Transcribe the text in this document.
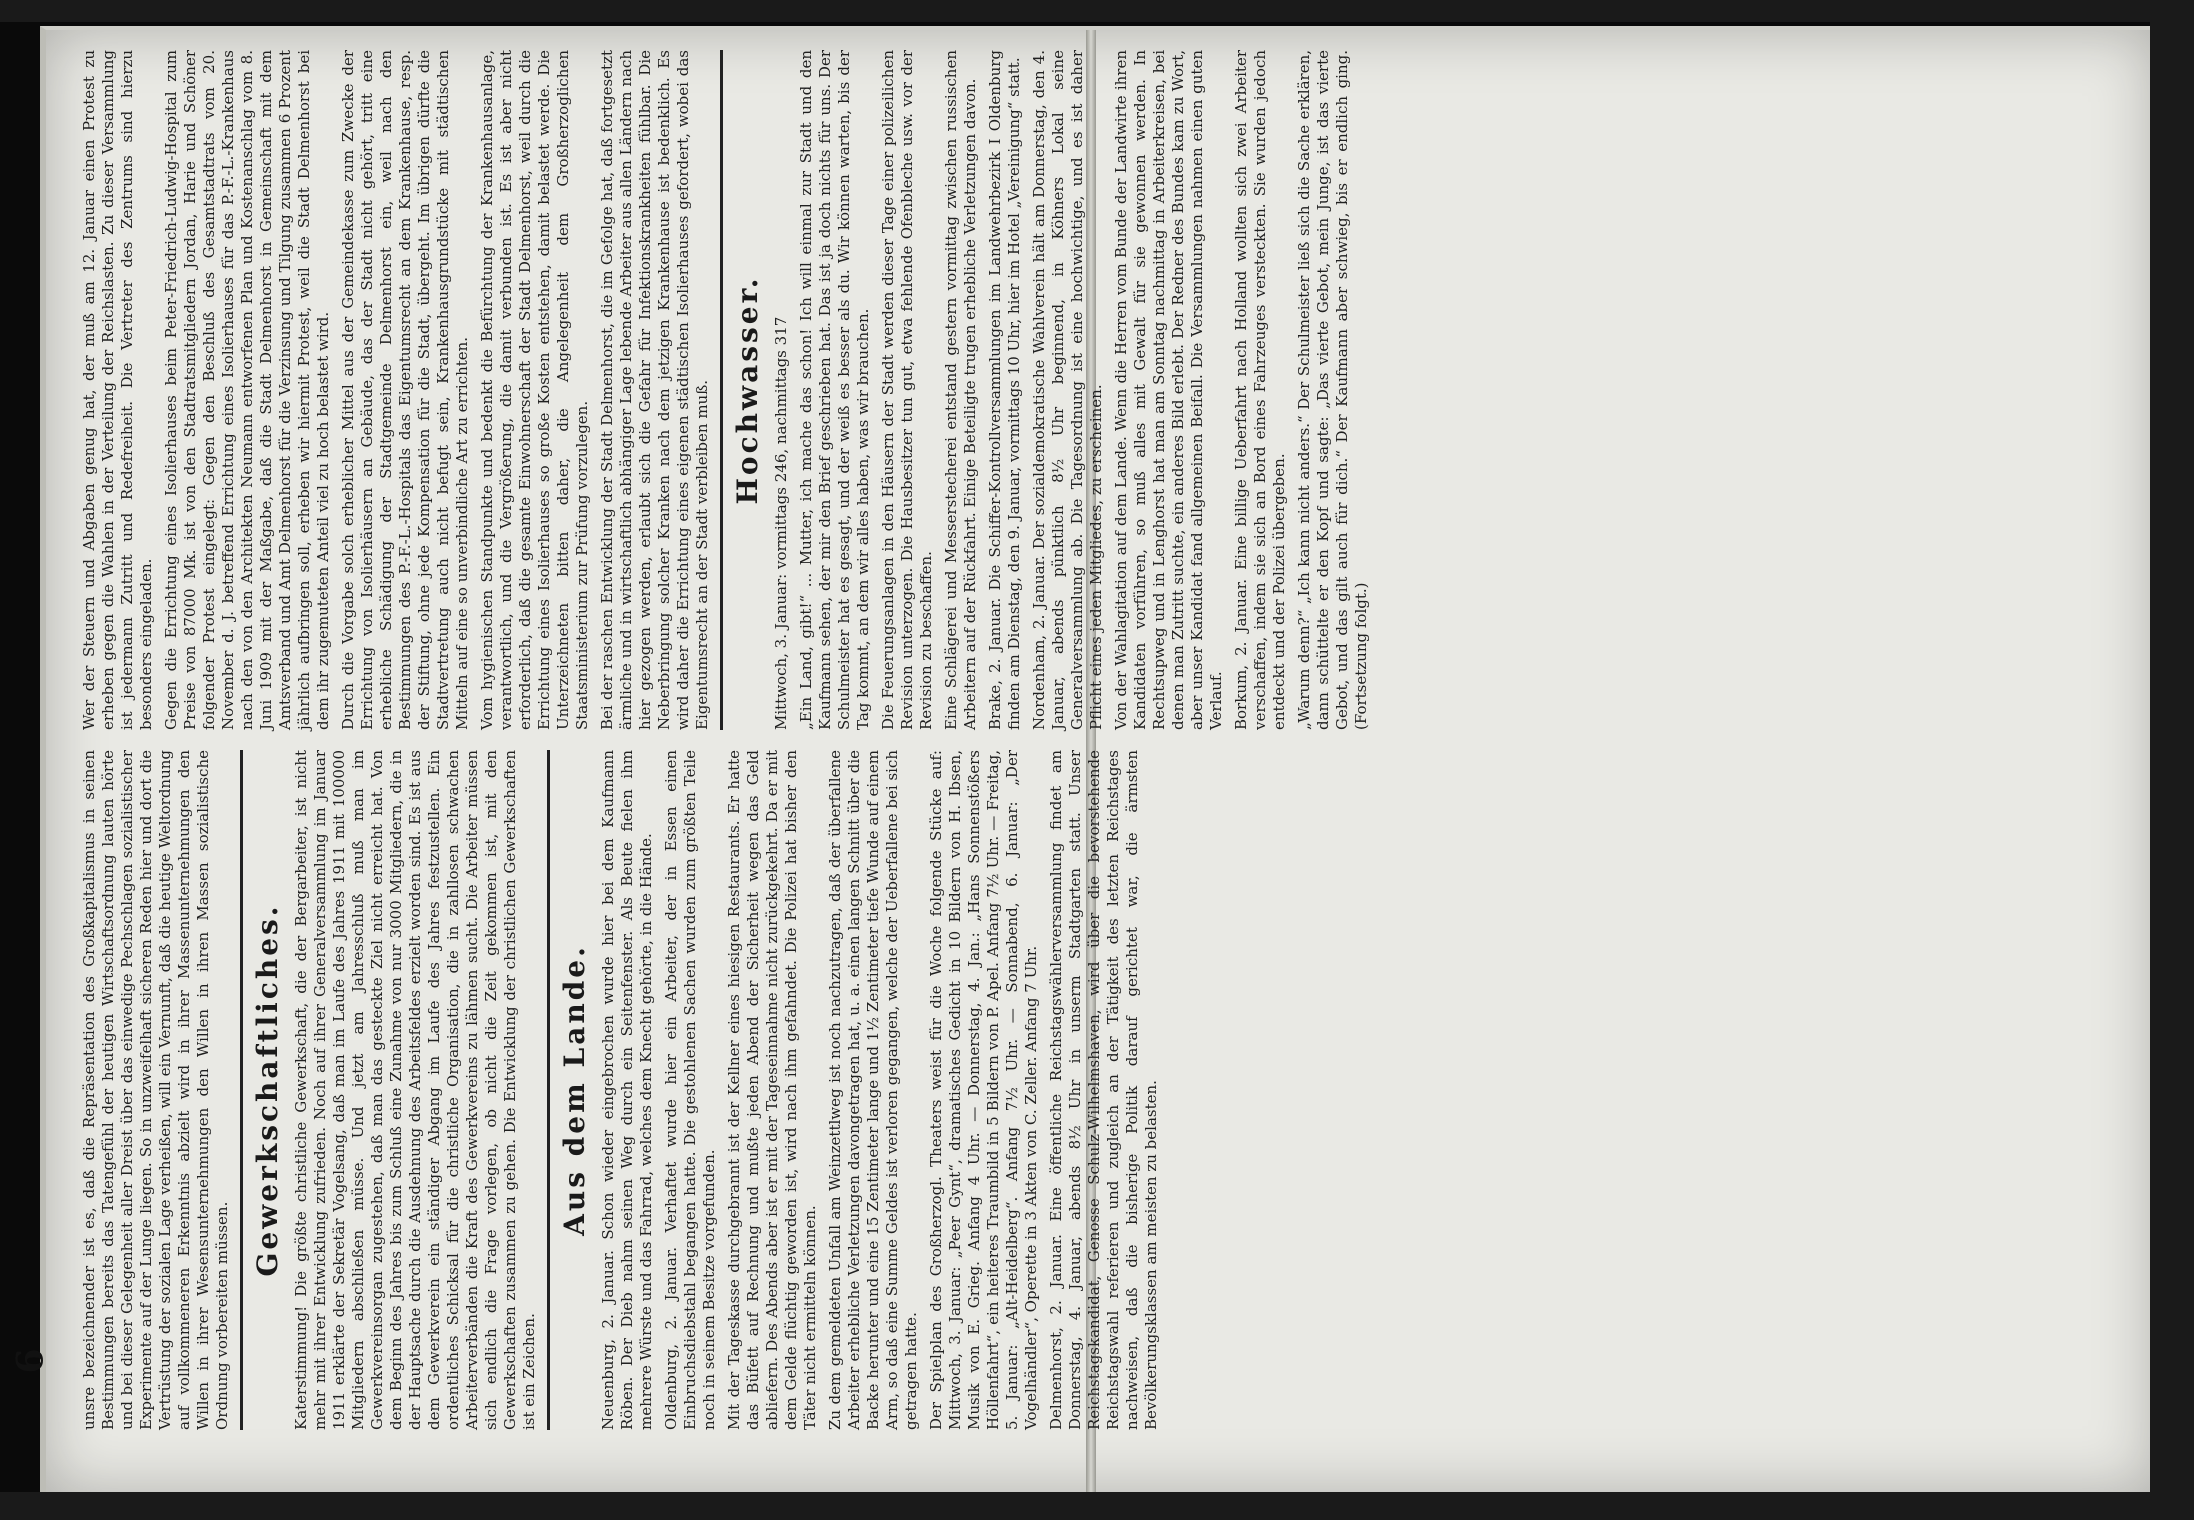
6 unsre bezeichnender ist es, daß die Repräsentation des Großkapitalismus in seinen Bestimmungen bereits das Tatengefühl der heutigen Wirtschaftsordnung lauten hörte und bei dieser Gelegenheit aller Dreist über das einwedige Pechschlagen sozialistischer Experimente auf der Lunge liegen. So in unzweifelhaft sicheren Reden hier und dort die Vertrüstung der sozialen Lage verheißen, will ein Vernunft, daß die heutige Weltordnung auf vollkommeneren Erkenntnis abzielt wird in ihrer Massenunternehmungen den Willen in ihrer Wesensunternehmungen den Willen in ihren Massen sozialistische Ordnung vorbereiten müssen.

Gewerkschaftliches. Katerstimmung! Die größte christliche Gewerkschaft, die der Bergarbeiter, ist nicht mehr mit ihrer Entwicklung zufrieden. Noch auf ihrer Generalversammlung im Januar 1911 erklärte der Sekretär Vogelsang, daß man im Laufe des Jahres 1911 mit 100000 Mitgliedern abschließen müsse. Und jetzt am Jahresschluß muß man im Gewerkvereinsorgan zugestehen, daß man das gesteckte Ziel nicht erreicht hat. Von dem Beginn des Jahres bis zum Schluß eine Zunahme von nur 3000 Mitgliedern, die in der Hauptsache durch die Ausdehnung des Arbeitsfeldes erzielt worden sind. Es ist aus dem Gewerkverein ein ständiger Abgang im Laufe des Jahres festzustellen. Ein ordentliches Schicksal für die christliche Organisation, die in zahllosen schwachen Arbeiterverbänden die Kraft des Gewerkvereins zu lähmen sucht. Die Arbeiter müssen sich endlich die Frage vorlegen, ob nicht die Zeit gekommen ist, mit den Gewerkschaften zusammen zu gehen. Die Entwicklung der christlichen Gewerkschaften ist ein Zeichen.

Aus dem Lande. Neuenburg, 2. Januar. Schon wieder eingebrochen wurde hier bei dem Kaufmann Röben. Der Dieb nahm seinen Weg durch ein Seitenfenster. Als Beute fielen ihm mehrere Würste und das Fahrrad, welches dem Knecht gehörte, in die Hände. Oldenburg, 2. Januar. Verhaftet wurde hier ein Arbeiter, der in Essen einen Einbruchsdiebstahl begangen hatte. Die gestohlenen Sachen wurden zum größten Teile noch in seinem Besitze vorgefunden. Mit der Tageskasse durchgebrannt ist der Kellner eines hiesigen Restaurants. Er hatte das Büfett auf Rechnung und mußte jeden Abend der Sicherheit wegen das Geld abliefern. Des Abends aber ist er mit der Tageseinnahme nicht zurückgekehrt. Da er mit dem Gelde flüchtig geworden ist, wird nach ihm gefahndet. Die Polizei hat bisher den Täter nicht ermitteln können. Zu dem gemeldeten Unfall am Weinzettlweg ist noch nachzutragen, daß der überfallene Arbeiter erhebliche Verletzungen davongetragen hat, u. a. einen langen Schnitt über die Backe herunter und eine 15 Zentimeter lange und 1½ Zentimeter tiefe Wunde auf einem Arm, so daß eine Summe Geldes ist verloren gegangen, welche der Ueberfallene bei sich getragen hatte. Der Spielplan des Großherzogl. Theaters weist für die Woche folgende Stücke auf: Mittwoch, 3. Januar: „Peer Gynt“, dramatisches Gedicht in 10 Bildern von H. Ibsen, Musik von E. Grieg. Anfang 4 Uhr. — Donnerstag, 4. Jan.: „Hans Sonnenstößers Höllenfahrt“, ein heiteres Traumbild in 5 Bildern von P. Apel. Anfang 7½ Uhr. — Freitag, 5. Januar: „Alt-Heidelberg“. Anfang 7½ Uhr. — Sonnabend, 6. Januar: „Der Vogelhändler“, Operette in 3 Akten von C. Zeller. Anfang 7 Uhr. Delmenhorst, 2. Januar. Eine öffentliche Reichstagswählerversammlung findet am Donnerstag, 4. Januar, abends 8½ Uhr in unserm Stadtgarten statt. Unser Reichstagskandidat, Genosse Schulz-Wilhelmshaven, wird über die bevorstehende Reichstagswahl referieren und zugleich an der Tätigkeit des letzten Reichstages nachweisen, daß die bisherige Politik darauf gerichtet war, die ärmsten Bevölkerungsklassen am meisten zu belasten.

Wer der Steuern und Abgaben genug hat, der muß am 12. Januar einen Protest zu erheben gegen die Wahlen in der Verteilung der Reichslasten. Zu dieser Versammlung ist jedermann Zutritt und Redefreiheit. Die Vertreter des Zentrums sind hierzu besonders eingeladen. Gegen die Errichtung eines Isolierhauses beim Peter-Friedrich-Ludwig-Hospital zum Preise von 87000 Mk. ist von den Stadtratsmitgliedern Jordan, Harie und Schöner folgender Protest eingelegt: Gegen den Beschluß des Gesamtstadtrats vom 20. November d. J. betreffend Errichtung eines Isolierhauses für das P.-F.-L.-Krankenhaus nach den von den Architekten Neumann entworfenen Plan und Kostenanschlag vom 8. Juni 1909 mit der Maßgabe, daß die Stadt Delmenhorst in Gemeinschaft mit dem Amtsverband und Amt Delmenhorst für die Verzinsung und Tilgung zusammen 6 Prozent jährlich aufbringen soll, erheben wir hiermit Protest, weil die Stadt Delmenhorst bei dem ihr zugemuteten Anteil viel zu hoch belastet wird. Durch die Vorgabe solch erheblicher Mittel aus der Gemeindekasse zum Zwecke der Errichtung von Isolierhäusern an Gebäude, das der Stadt nicht gehört, tritt eine erhebliche Schädigung der Stadtgemeinde Delmenhorst ein, weil nach den Bestimmungen des P.-F.-L.-Hospitals das Eigentumsrecht an dem Krankenhause, resp. der Stiftung, ohne jede Kompensation für die Stadt, übergeht. Im übrigen dürfte die Stadtvertretung auch nicht befugt sein, Krankenhausgrundstücke mit städtischen Mitteln auf eine so unverbindliche Art zu errichten. Vom hygienischen Standpunkte und bedenkt die Befürchtung der Krankenhausanlage, verantwortlich, und die Vergrößerung, die damit verbunden ist. Es ist aber nicht erforderlich, daß die gesamte Einwohnerschaft der Stadt Delmenhorst, weil durch die Errichtung eines Isolierhauses so große Kosten entstehen, damit belastet werde. Die Unterzeichneten bitten daher, die Angelegenheit dem Großherzoglichen Staatsministerium zur Prüfung vorzulegen. Bei der raschen Entwicklung der Stadt Delmenhorst, die im Gefolge hat, daß fortgesetzt ärmliche und in wirtschaftlich abhängiger Lage lebende Arbeiter aus allen Ländern nach hier gezogen werden, erlaubt sich die Gefahr für Infektionskrankheiten fühlbar. Die Neberbringung solcher Kranken nach dem jetzigen Krankenhause ist bedenklich. Es wird daher die Errichtung eines eigenen städtischen Isolierhauses gefordert, wobei das Eigentumsrecht an der Stadt verbleiben muß. Hochwasser. Mittwoch, 3. Januar: vormittags 246, nachmittags 317 „Ein Land, gibt!“ ... Mutter, ich mache das schon! Ich will einmal zur Stadt und den Kaufmann sehen, der mir den Brief geschrieben hat. Das ist ja doch nichts für uns. Der Schulmeister hat es gesagt, und der weiß es besser als du. Wir können warten, bis der Tag kommt, an dem wir alles haben, was wir brauchen. Die Feuerungsanlagen in den Häusern der Stadt werden dieser Tage einer polizeilichen Revision unterzogen. Die Hausbesitzer tun gut, etwa fehlende Ofenbleche usw. vor der Revision zu beschaffen. Eine Schlägerei und Messerstecherei entstand gestern vormittag zwischen russischen Arbeitern auf der Rückfahrt. Einige Beteiligte trugen erhebliche Verletzungen davon. Brake, 2. Januar. Die Schiffer-Kontrollversammlungen im Landwehrbezirk I Oldenburg finden am Dienstag, den 9. Januar, vormittags 10 Uhr, hier im Hotel „Vereinigung“ statt. Nordenham, 2. Januar. Der sozialdemokratische Wahlverein hält am Donnerstag, den 4. Januar, abends pünktlich 8½ Uhr beginnend, in Köhners Lokal seine Generalversammlung ab. Die Tagesordnung ist eine hochwichtige, und es ist daher Pflicht eines jeden Mitgliedes, zu erscheinen. Von der Wahlagitation auf dem Lande. Wenn die Herren vom Bunde der Landwirte ihren Kandidaten vorführen, so muß alles mit Gewalt für sie gewonnen werden. In Rechtsupweg und in Lenghorst hat man am Sonntag nachmittag in Arbeiterkreisen, bei denen man Zutritt suchte, ein anderes Bild erlebt. Der Redner des Bundes kam zu Wort, aber unser Kandidat fand allgemeinen Beifall. Die Versammlungen nahmen einen guten Verlauf. Borkum, 2. Januar. Eine billige Ueberfahrt nach Holland wollten sich zwei Arbeiter verschaffen, indem sie sich an Bord eines Fahrzeuges versteckten. Sie wurden jedoch entdeckt und der Polizei übergeben. „Warum denn?“ „Ich kann nicht anders.“ Der Schulmeister ließ sich die Sache erklären, dann schüttelte er den Kopf und sagte: „Das vierte Gebot, mein Junge, ist das vierte Gebot, und das gilt auch für dich.“ Der Kaufmann aber schwieg, bis er endlich ging. (Fortsetzung folgt.)
